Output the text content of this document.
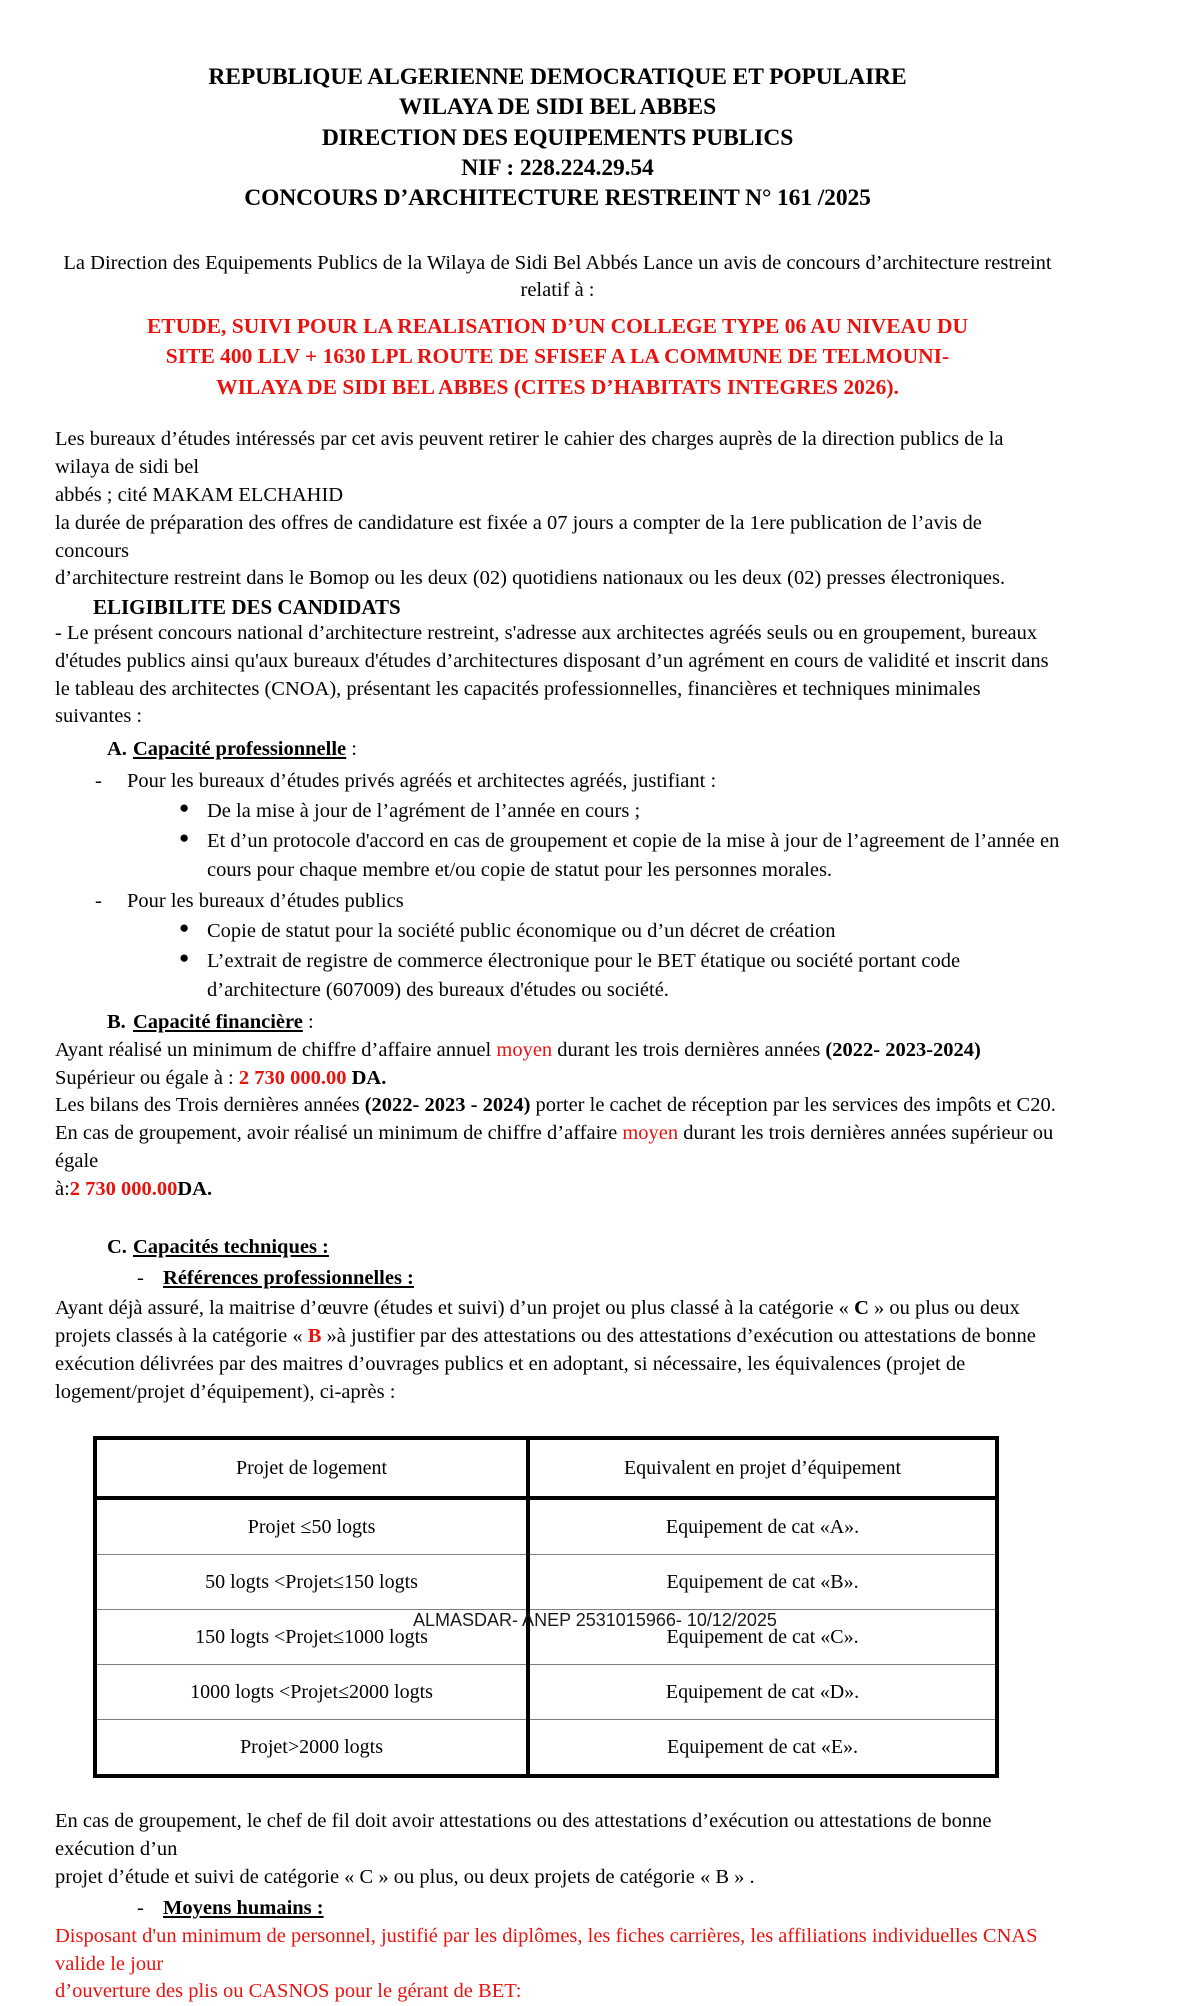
REPUBLIQUE ALGERIENNE DEMOCRATIQUE ET POPULAIRE
WILAYA DE SIDI BEL ABBES
DIRECTION DES EQUIPEMENTS PUBLICS
NIF : 228.224.29.54
CONCOURS D’ARCHITECTURE RESTREINT N° 161 /2025
La Direction des Equipements Publics de la Wilaya de Sidi Bel Abbés Lance un avis de concours d’architecture restreint relatif à :
ETUDE, SUIVI POUR LA REALISATION D’UN COLLEGE TYPE 06 AU NIVEAU DU
SITE 400 LLV + 1630 LPL ROUTE DE SFISEF A LA COMMUNE DE TELMOUNI-
WILAYA DE SIDI BEL ABBES (CITES D’HABITATS INTEGRES 2026).
Les bureaux d’études intéressés par cet avis peuvent retirer le cahier des charges auprès de la direction publics de la wilaya de sidi bel
abbés ; cité MAKAM ELCHAHID
la durée de préparation des offres de candidature est fixée a 07 jours a compter de la 1ere publication de l’avis de concours
d’architecture restreint dans le Bomop ou les deux (02) quotidiens nationaux ou les deux (02) presses électroniques.
ELIGIBILITE DES CANDIDATS
- Le présent concours national d’architecture restreint, s'adresse aux architectes agréés seuls ou en groupement, bureaux d'études publics ainsi qu'aux bureaux d'études d’architectures disposant d’un agrément en cours de validité et inscrit dans le tableau des architectes (CNOA), présentant les capacités professionnelles, financières et techniques minimales suivantes :
A. Capacité professionnelle :
- Pour les bureaux d’études privés agréés et architectes agréés, justifiant :
● De la mise à jour de l’agrément de l’année en cours ;
● Et d’un protocole d'accord en cas de groupement et copie de la mise à jour de l’agreement de l’année en cours pour chaque membre et/ou copie de statut pour les personnes morales.
- Pour les bureaux d’études publics
● Copie de statut pour la société public économique ou d’un décret de création
● L’extrait de registre de commerce électronique pour le BET étatique ou société portant code d’architecture (607009) des bureaux d'études ou société.
B. Capacité financière :
Ayant réalisé un minimum de chiffre d’affaire annuel moyen durant les trois dernières années (2022- 2023-2024)
Supérieur ou égale à : 2 730 000.00 DA.
Les bilans des Trois dernières années (2022- 2023 - 2024) porter le cachet de réception par les services des impôts et C20.
En cas de groupement, avoir réalisé un minimum de chiffre d’affaire moyen durant les trois dernières années supérieur ou égale
à:2 730 000.00DA.
C. Capacités techniques :
- Références professionnelles :
Ayant déjà assuré, la maitrise d’œuvre (études et suivi) d’un projet ou plus classé à la catégorie « C » ou plus ou deux projets classés à la catégorie « B »à justifier par des attestations ou des attestations d’exécution ou attestations de bonne exécution délivrées par des maitres d’ouvrages publics et en adoptant, si nécessaire, les équivalences (projet de logement/projet d’équipement), ci-après :
Projet de logement	Equivalent en projet d’équipement
Projet ≤50 logts	Equipement de cat «A».
50 logts <Projet≤150 logts	Equipement de cat «B».
150 logts <Projet≤1000 logts	Equipement de cat «C».
1000 logts <Projet≤2000 logts	Equipement de cat «D».
Projet>2000 logts	Equipement de cat «E».
En cas de groupement, le chef de fil doit avoir attestations ou des attestations d’exécution ou attestations de bonne exécution d’un
projet d’étude et suivi de catégorie « C » ou plus, ou deux projets de catégorie « B » .
- Moyens humains :
Disposant d'un minimum de personnel, justifié par les diplômes, les fiches carrières, les affiliations individuelles CNAS valide le jour
d’ouverture des plis ou CASNOS pour le gérant de BET:
ALMASDAR- ANEP 2531015966- 10/12/2025
